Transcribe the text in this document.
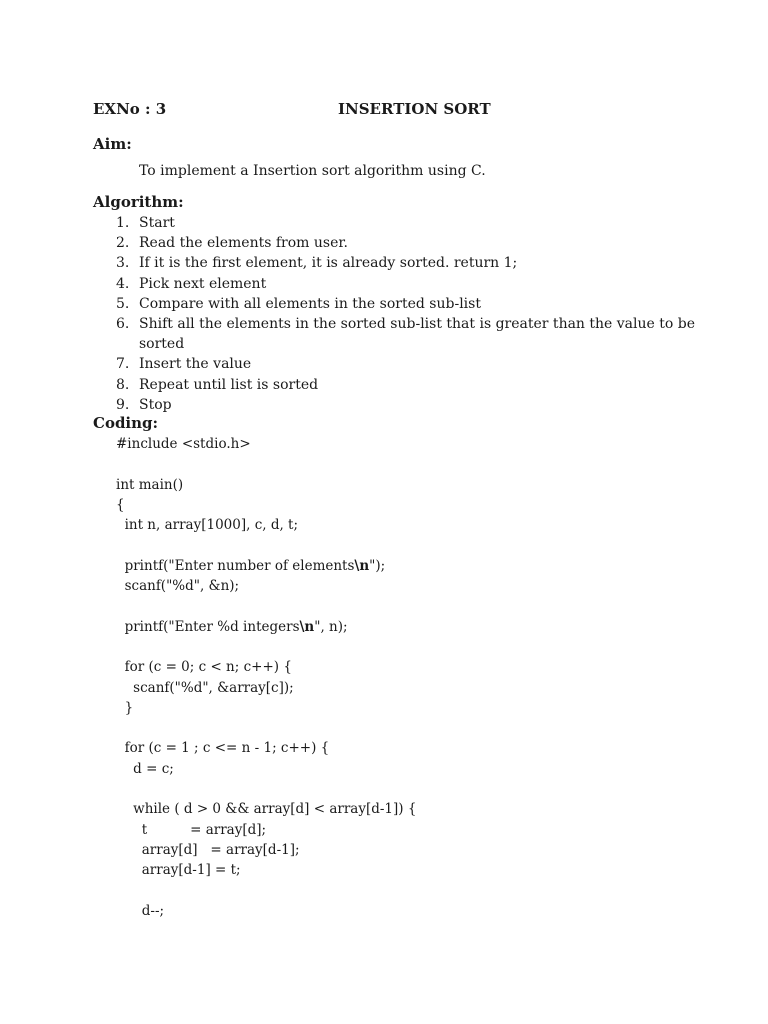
EXNo : 3	INSERTION SORT
Aim:
To implement a Insertion sort algorithm using C.
Algorithm:
1. Start
2. Read the elements from user.
3. If it is the first element, it is already sorted. return 1;
4. Pick next element
5. Compare with all elements in the sorted sub-list
6. Shift all the elements in the sorted sub-list that is greater than the value to be sorted
7. Insert the value
8. Repeat until list is sorted
9. Stop
Coding:
#include <stdio.h>
int main()
{
int n, array[1000], c, d, t;
printf("Enter number of elements\n");
scanf("%d", &n);
printf("Enter %d integers\n", n);
for (c = 0; c < n; c++) {
scanf("%d", &array[c]);
}
for (c = 1 ; c <= n - 1; c++) {
d = c;
while ( d > 0 && array[d] < array[d-1]) {
t          = array[d];
array[d]   = array[d-1];
array[d-1] = t;
d--;
